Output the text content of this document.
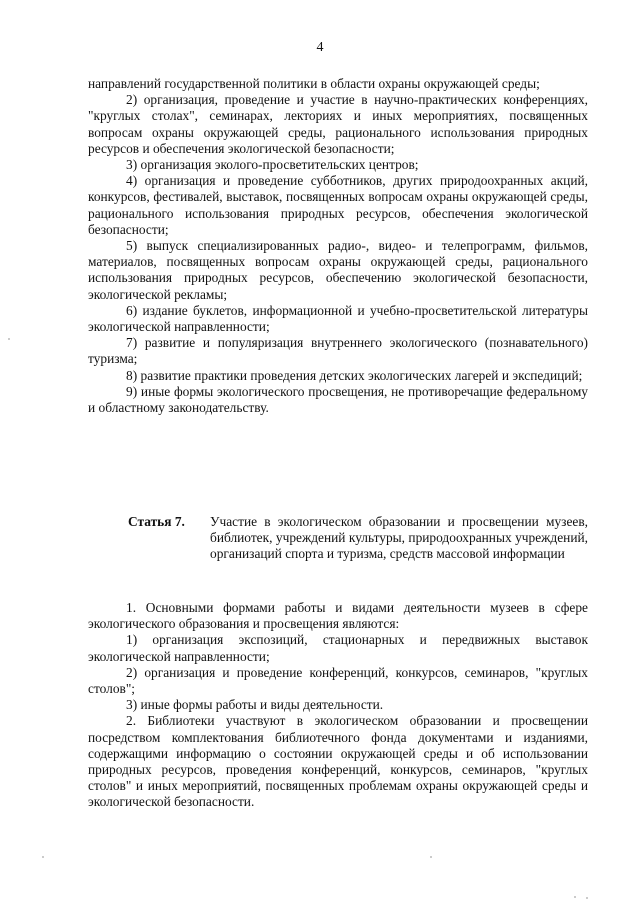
4

направлений государственной политики в области охраны окружающей среды;

2) организация, проведение и участие в научно-практических конференциях, "круглых столах", семинарах, лекториях и иных мероприятиях, посвященных вопросам охраны окружающей среды, рационального использования природных ресурсов и обеспечения экологической безопасности;

3) организация эколого-просветительских центров;

4) организация и проведение субботников, других природоохранных акций, конкурсов, фестивалей, выставок, посвященных вопросам охраны окружающей среды, рационального использования природных ресурсов, обеспечения экологической безопасности;

5) выпуск специализированных радио-, видео- и телепрограмм, фильмов, материалов, посвященных вопросам охраны окружающей среды, рационального использования природных ресурсов, обеспечению экологической безопасности, экологической рекламы;

6) издание буклетов, информационной и учебно-просветительской литературы экологической направленности;

7) развитие и популяризация внутреннего экологического (познавательного) туризма;

8) развитие практики проведения детских экологических лагерей и экспедиций;

9) иные формы экологического просвещения, не противоречащие федеральному и областному законодательству.

Статья 7.	Участие в экологическом образовании и просвещении музеев, библиотек, учреждений культуры, природоохранных учреждений, организаций спорта и туризма, средств массовой информации

1. Основными формами работы и видами деятельности музеев в сфере экологического образования и просвещения являются:

1) организация экспозиций, стационарных и передвижных выставок экологической направленности;

2) организация и проведение конференций, конкурсов, семинаров, "круглых столов";

3) иные формы работы и виды деятельности.

2. Библиотеки участвуют в экологическом образовании и просвещении посредством комплектования библиотечного фонда документами и изданиями, содержащими информацию о состоянии окружающей среды и об использовании природных ресурсов, проведения конференций, конкурсов, семинаров, "круглых столов" и иных мероприятий, посвященных проблемам охраны окружающей среды и экологической безопасности.
